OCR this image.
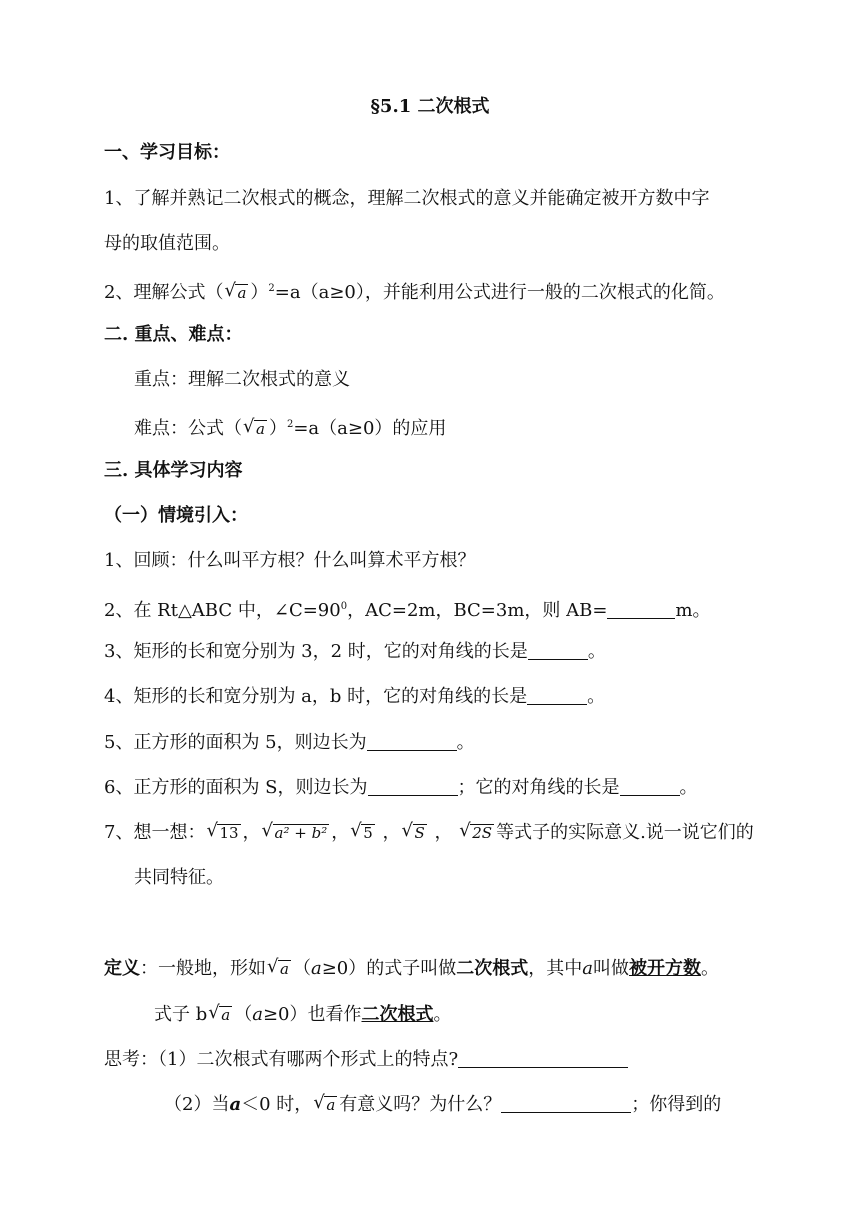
§5.1 二次根式
一、学习目标：
1、了解并熟记二次根式的概念，理解二次根式的意义并能确定被开方数中字
母的取值范围。
2、理解公式（ √ a ）$^2$=a（a≥0），并能利用公式进行一般的二次根式的化简。
二. 重点、难点：
重点：理解二次根式的意义
难点：公式（ √ a ）$^2$=a（a≥0）的应用
三. 具体学习内容
（一）情境引入：
1、回顾：什么叫平方根？什么叫算术平方根？
2、在 Rt△ABC 中，$\angle C=90^0$，AC=2m，BC=3m，则 AB=	m。
3、矩形的长和宽分别为 3，2 时，它的对角线的长是	。
4、矩形的长和宽分别为 a，b 时，它的对角线的长是	。
5、正方形的面积为 5，则边长为	。
6、正方形的面积为 S，则边长为	；它的对角线的长是	。
7、想一想： √ 13 ， √ a² + b² ， √ 5 ， √ S ， √ 2S 等式子的实际意义.说一说它们的
共同特征。
定义：一般地，形如 √ a （a≥0）的式子叫做二次根式，其中a叫做被开方数。
式子 b √ a （a≥0）也看作二次根式。
思考：（1）二次根式有哪两个形式上的特点?
（2）当a＜0 时， √ a 有意义吗？为什么？	；你得到的
